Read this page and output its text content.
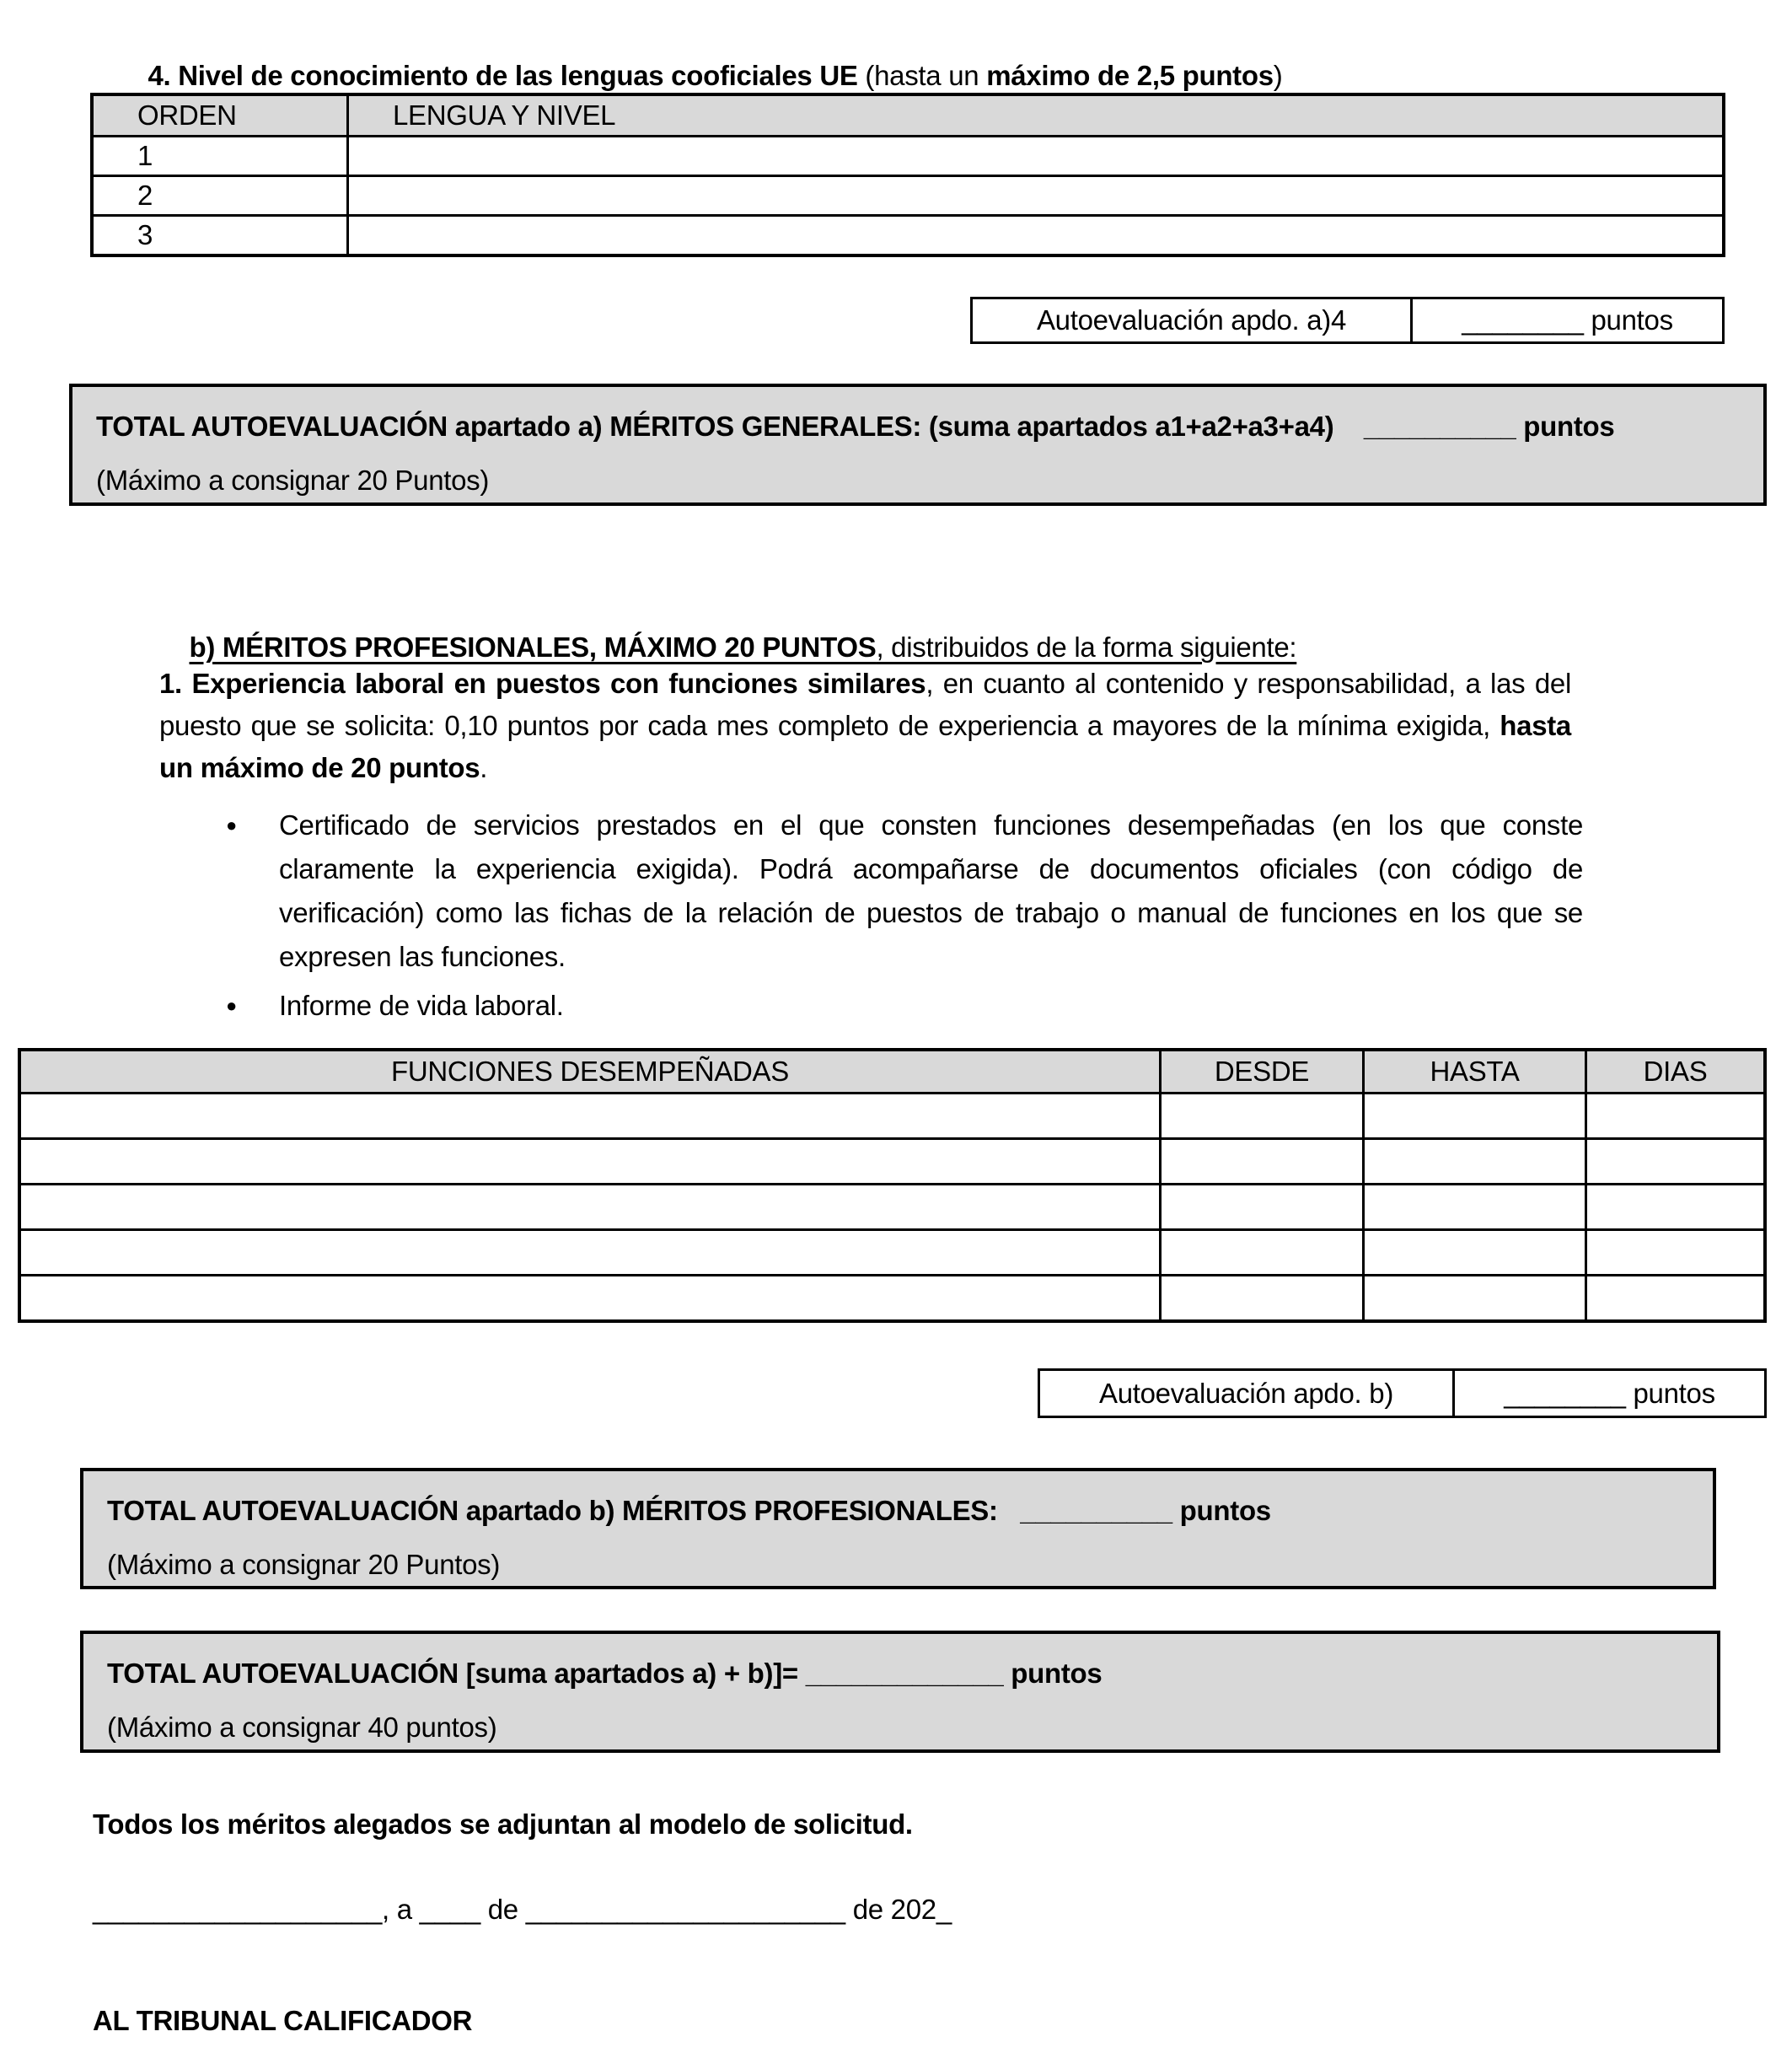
4. Nivel de conocimiento de las lenguas cooficiales UE (hasta un máximo de 2,5 puntos)

ORDEN	LENGUA Y NIVEL
1	
2	
3	
Autoevaluación apdo. a)4	________ puntos
TOTAL AUTOEVALUACIÓN apartado a) MÉRITOS GENERALES: (suma apartados a1+a2+a3+a4)    __________ puntos
(Máximo a consignar 20 Puntos)

b) MÉRITOS PROFESIONALES, MÁXIMO 20 PUNTOS, distribuidos de la forma siguiente:

1. Experiencia laboral en puestos con funciones similares, en cuanto al contenido y responsabilidad, a las del puesto que se solicita: 0,10 puntos por cada mes completo de experiencia a mayores de la mínima exigida, hasta un máximo de 20 puntos.
●	Certificado de servicios prestados en el que consten funciones desempeñadas (en los que conste claramente la experiencia exigida). Podrá acompañarse de documentos oficiales (con código de verificación) como las fichas de la relación de puestos de trabajo o manual de funciones en los que se expresen las funciones.
●	Informe de vida laboral.
FUNCIONES DESEMPEÑADAS	DESDE	HASTA	DIAS

Autoevaluación apdo. b)	________ puntos
TOTAL AUTOEVALUACIÓN apartado b) MÉRITOS PROFESIONALES:   __________ puntos
(Máximo a consignar 20 Puntos)
TOTAL AUTOEVALUACIÓN [suma apartados a) + b)]= _____________ puntos
(Máximo a consignar 40 puntos)
Todos los méritos alegados se adjuntan al modelo de solicitud.
___________________, a ____ de _____________________ de 202_
AL TRIBUNAL CALIFICADOR
